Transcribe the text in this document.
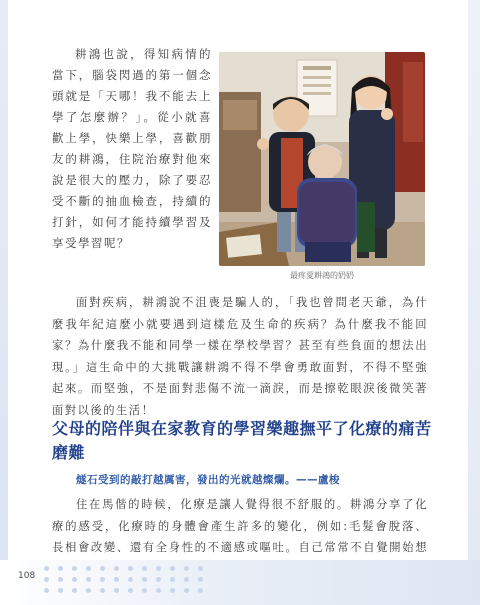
耕鴻也說，得知病情的當下，腦袋閃過的第一個念頭就是「天哪！我不能去上學了怎麼辦？」。從小就喜歡上學，快樂上學，喜歡朋友的耕鴻，住院治療對他來說是很大的壓力，除了要忍受不斷的抽血檢查，持續的打針，如何才能持續學習及享受學習呢？

最疼愛耕鴻的奶奶

面對疾病，耕鴻說不沮喪是騙人的，「我也曾問老天爺，為什麼我年紀這麼小就要遇到這樣危及生命的疾病？為什麼我不能回家？為什麼我不能和同學一樣在學校學習？甚至有些負面的想法出現。」這生命中的大挑戰讓耕鴻不得不學會勇敢面對，不得不堅強起來。而堅強，不是面對悲傷不流一滴淚，而是擦乾眼淚後微笑著面對以後的生活！

父母的陪伴與在家教育的學習樂趣撫平了化療的痛苦磨難
燧石受到的敲打越厲害，發出的光就越燦爛。——盧梭

住在馬偕的時候，化療是讓人覺得很不舒服的。耕鴻分享了化療的感受，化療時的身體會產生許多的變化，例如:毛髮會脫落、長相會改變、還有全身性的不適感或嘔吐。自己常常不自覺開始想

108
